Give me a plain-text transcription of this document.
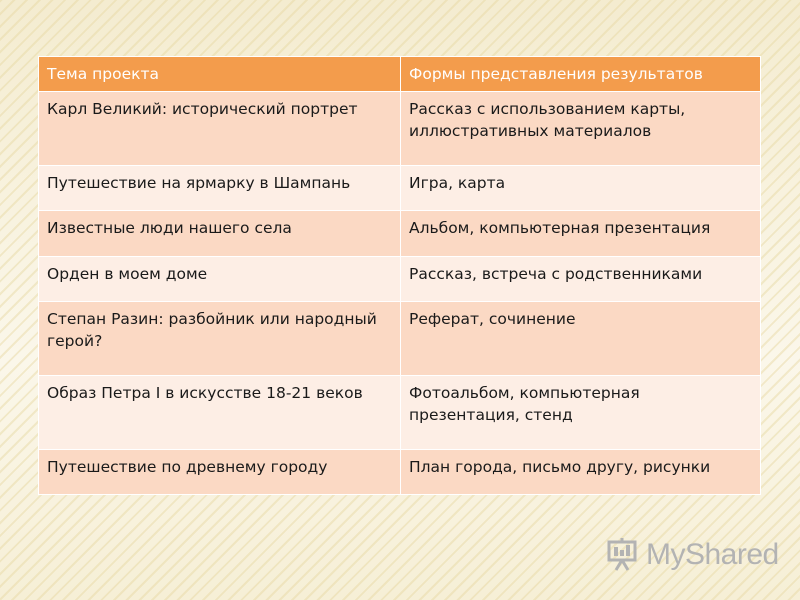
Тема проекта	Формы представления результатов
Карл Великий: исторический портрет	Рассказ с использованием карты, иллюстративных материалов
Путешествие на ярмарку в Шампань	Игра, карта
Известные люди нашего села	Альбом, компьютерная презентация
Орден в моем доме	Рассказ, встреча с родственниками
Степан Разин: разбойник или народный герой?	Реферат, сочинение
Образ Петра I в искусстве 18-21 веков	Фотоальбом, компьютерная презентация, стенд
Путешествие по древнему городу	План города, письмо другу, рисунки
MyShared
